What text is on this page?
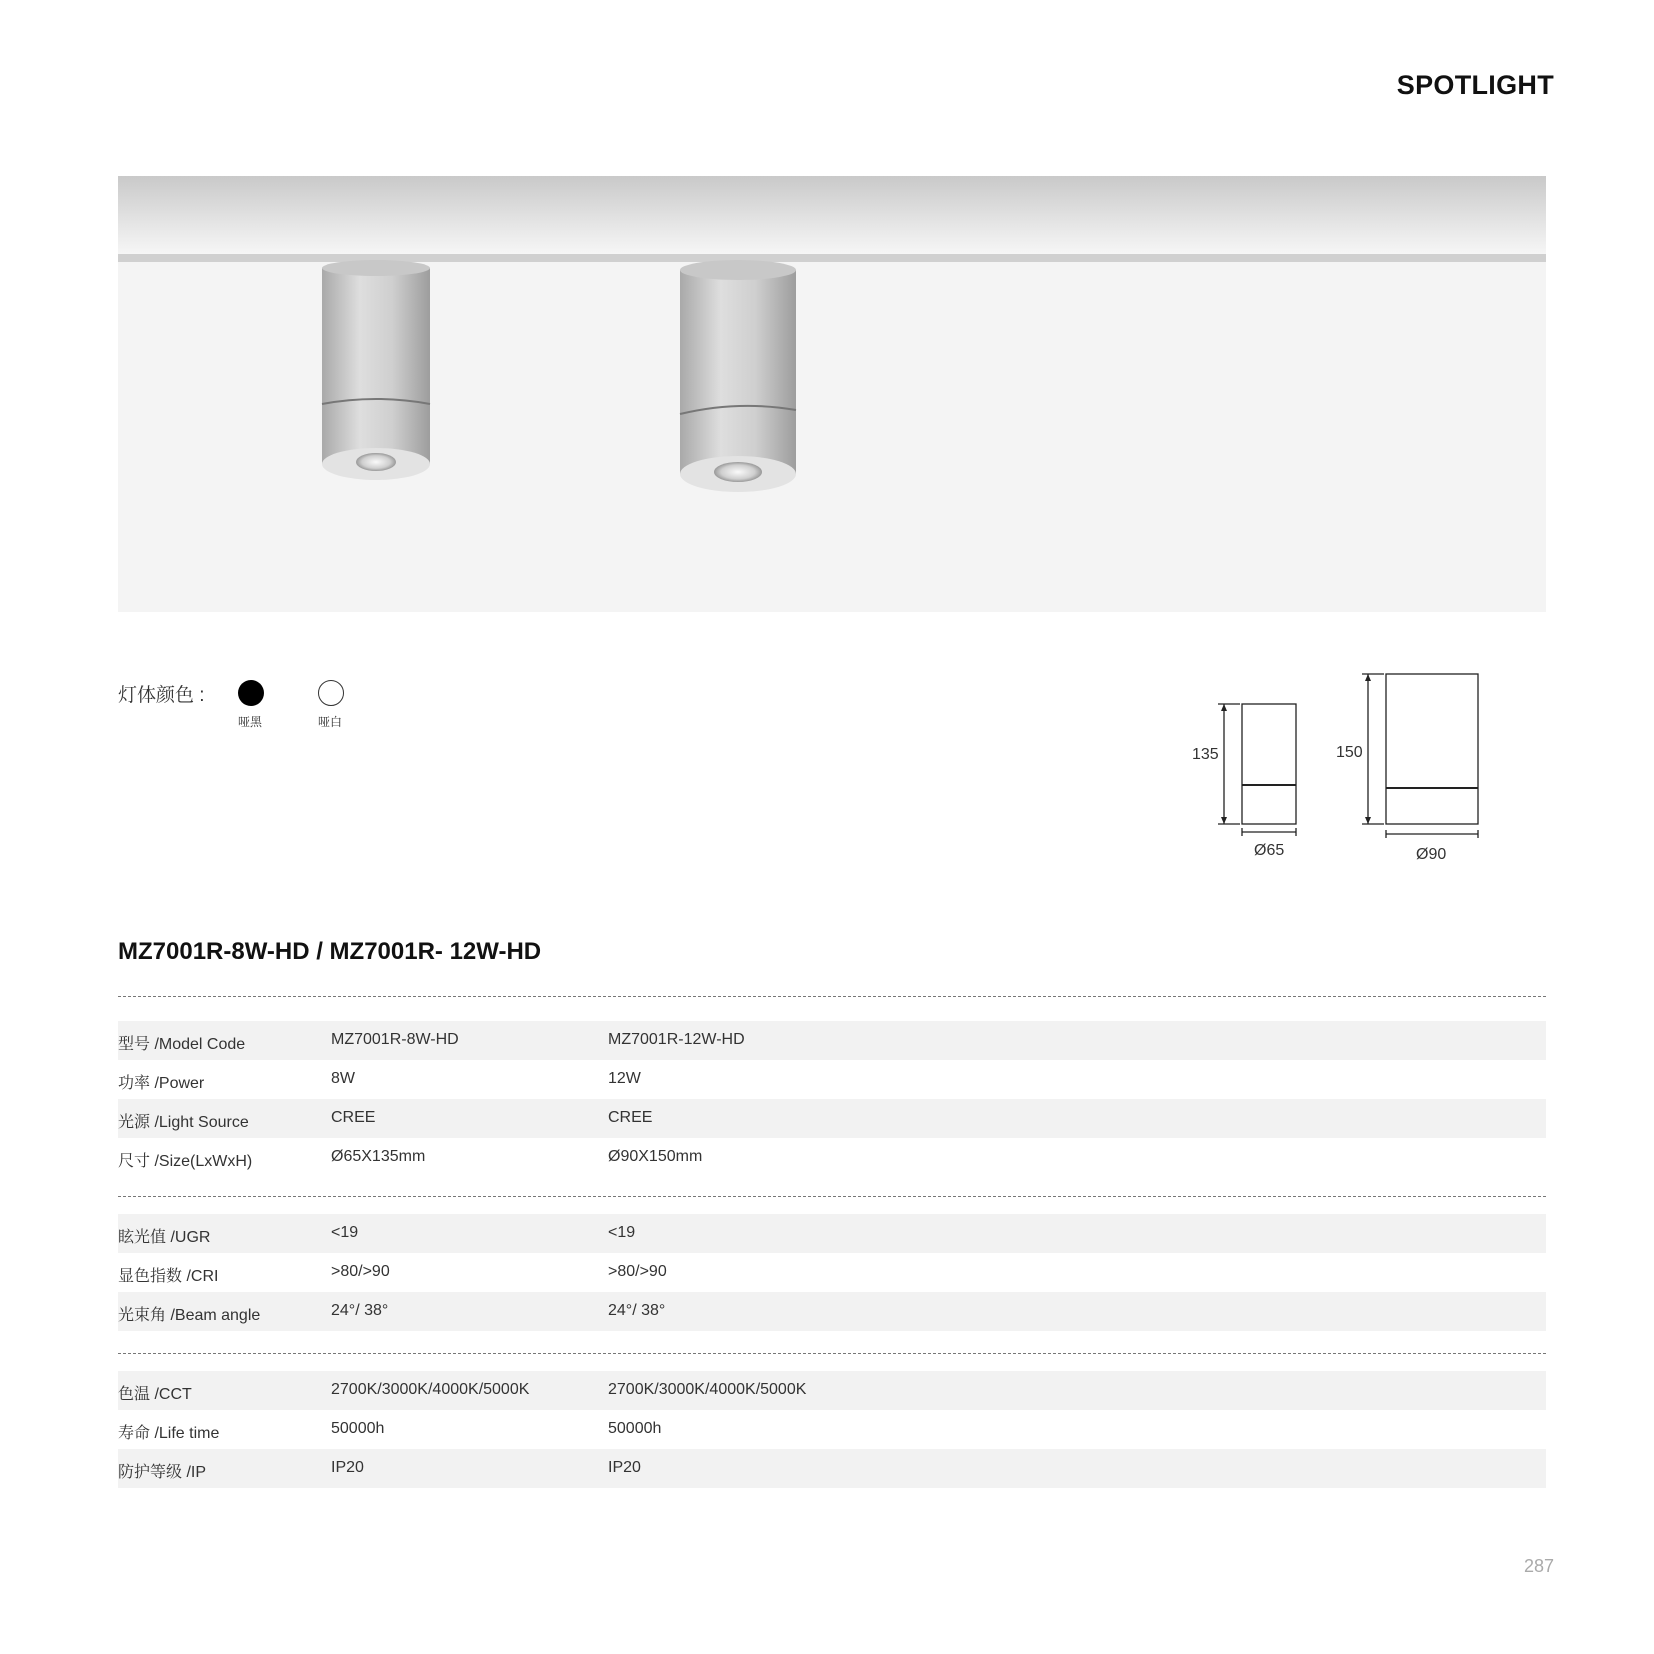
SPOTLIGHT
灯体颜色 :
哑黑	哑白
135
Ø65
150
Ø90
MZ7001R-8W-HD / MZ7001R- 12W-HD
型号 /Model Code	MZ7001R-8W-HD	MZ7001R-12W-HD
功率 /Power	8W	12W
光源 /Light Source	CREE	CREE
尺寸 /Size(LxWxH)	Ø65X135mm	Ø90X150mm
眩光值 /UGR	<19	<19
显色指数 /CRI	>80/>90	>80/>90
光束角 /Beam angle	24°/ 38°	24°/ 38°
色温 /CCT	2700K/3000K/4000K/5000K	2700K/3000K/4000K/5000K
寿命 /Life time	50000h	50000h
防护等级 /IP	IP20	IP20
287
